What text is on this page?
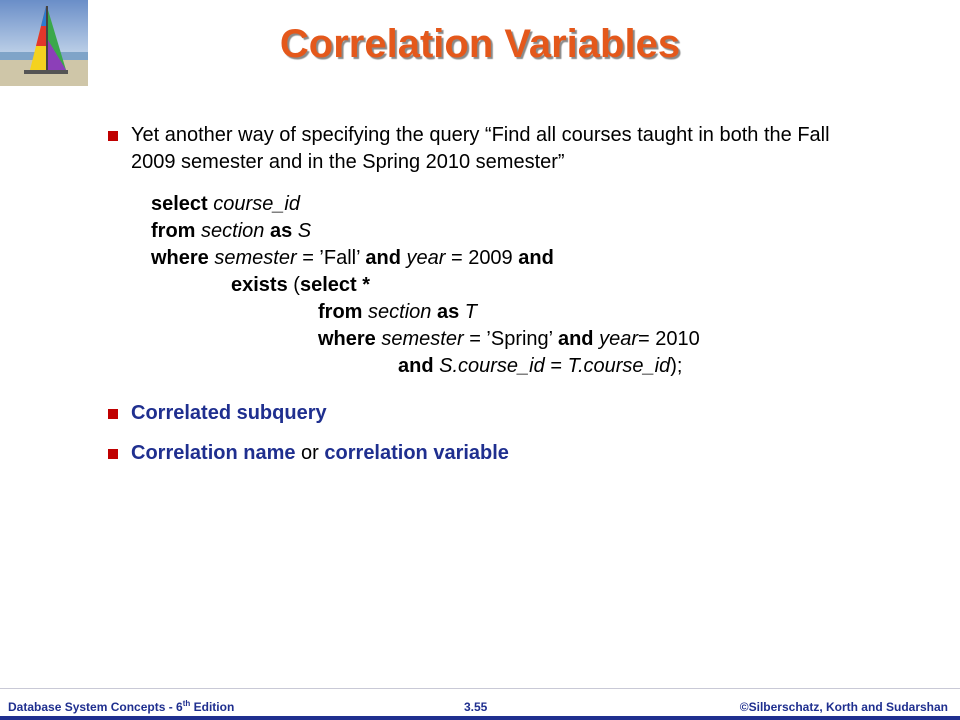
Correlation Variables
Yet another way of specifying the query “Find all courses taught in both the Fall 2009 semester and in the Spring 2010 semester”
select course_id
from section as S
where semester = ’Fall’ and year = 2009 and
exists (select *
from section as T
where semester = ’Spring’ and year= 2010
and S.course_id = T.course_id);
Correlated subquery
Correlation name or correlation variable
Database System Concepts - 6th Edition	3.55	©Silberschatz, Korth and Sudarshan
